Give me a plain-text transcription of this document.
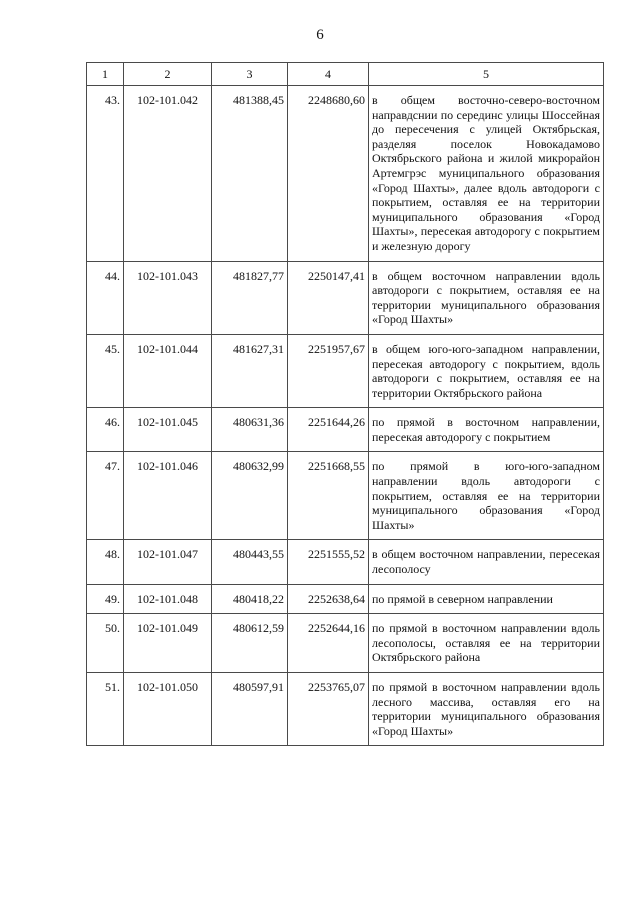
6
1	2	3	4	5
43.	102-101.042	481388,45	2248680,60	в общем восточно-северо-восточном направдснии по серединс улицы Шоссейная до пересечения с улицей Октябрьская, разделяя поселок Новокадамово Октябрьского района и жилой микрорайон Артемгрэс муниципального образования «Город Шахты», далее вдоль автодороги с покрытием, оставляя ее на территории муниципального образования «Город Шахты», пересекая автодорогу с покрытием и железную дорогу
44.	102-101.043	481827,77	2250147,41	в общем восточном направлении вдоль автодороги с покрытием, оставляя ее на территории муниципального образования «Город Шахты»
45.	102-101.044	481627,31	2251957,67	в общем юго-юго-западном направлении, пересекая автодорогу с покрытием, вдоль автодороги с покрытием, оставляя ее на территории Октябрьского района
46.	102-101.045	480631,36	2251644,26	по прямой в восточном направлении, пересекая автодорогу с покрытием
47.	102-101.046	480632,99	2251668,55	по прямой в юго-юго-западном направлении вдоль автодороги с покрытием, оставляя ее на территории муниципального образования «Город Шахты»
48.	102-101.047	480443,55	2251555,52	в общем восточном направлении, пересекая лесополосу
49.	102-101.048	480418,22	2252638,64	по прямой в северном направлении
50.	102-101.049	480612,59	2252644,16	по прямой в восточном направлении вдоль лесополосы, оставляя ее на территории Октябрьского района
51.	102-101.050	480597,91	2253765,07	по прямой в восточном направлении вдоль лесного массива, оставляя его на территории муниципального образования «Город Шахты»
